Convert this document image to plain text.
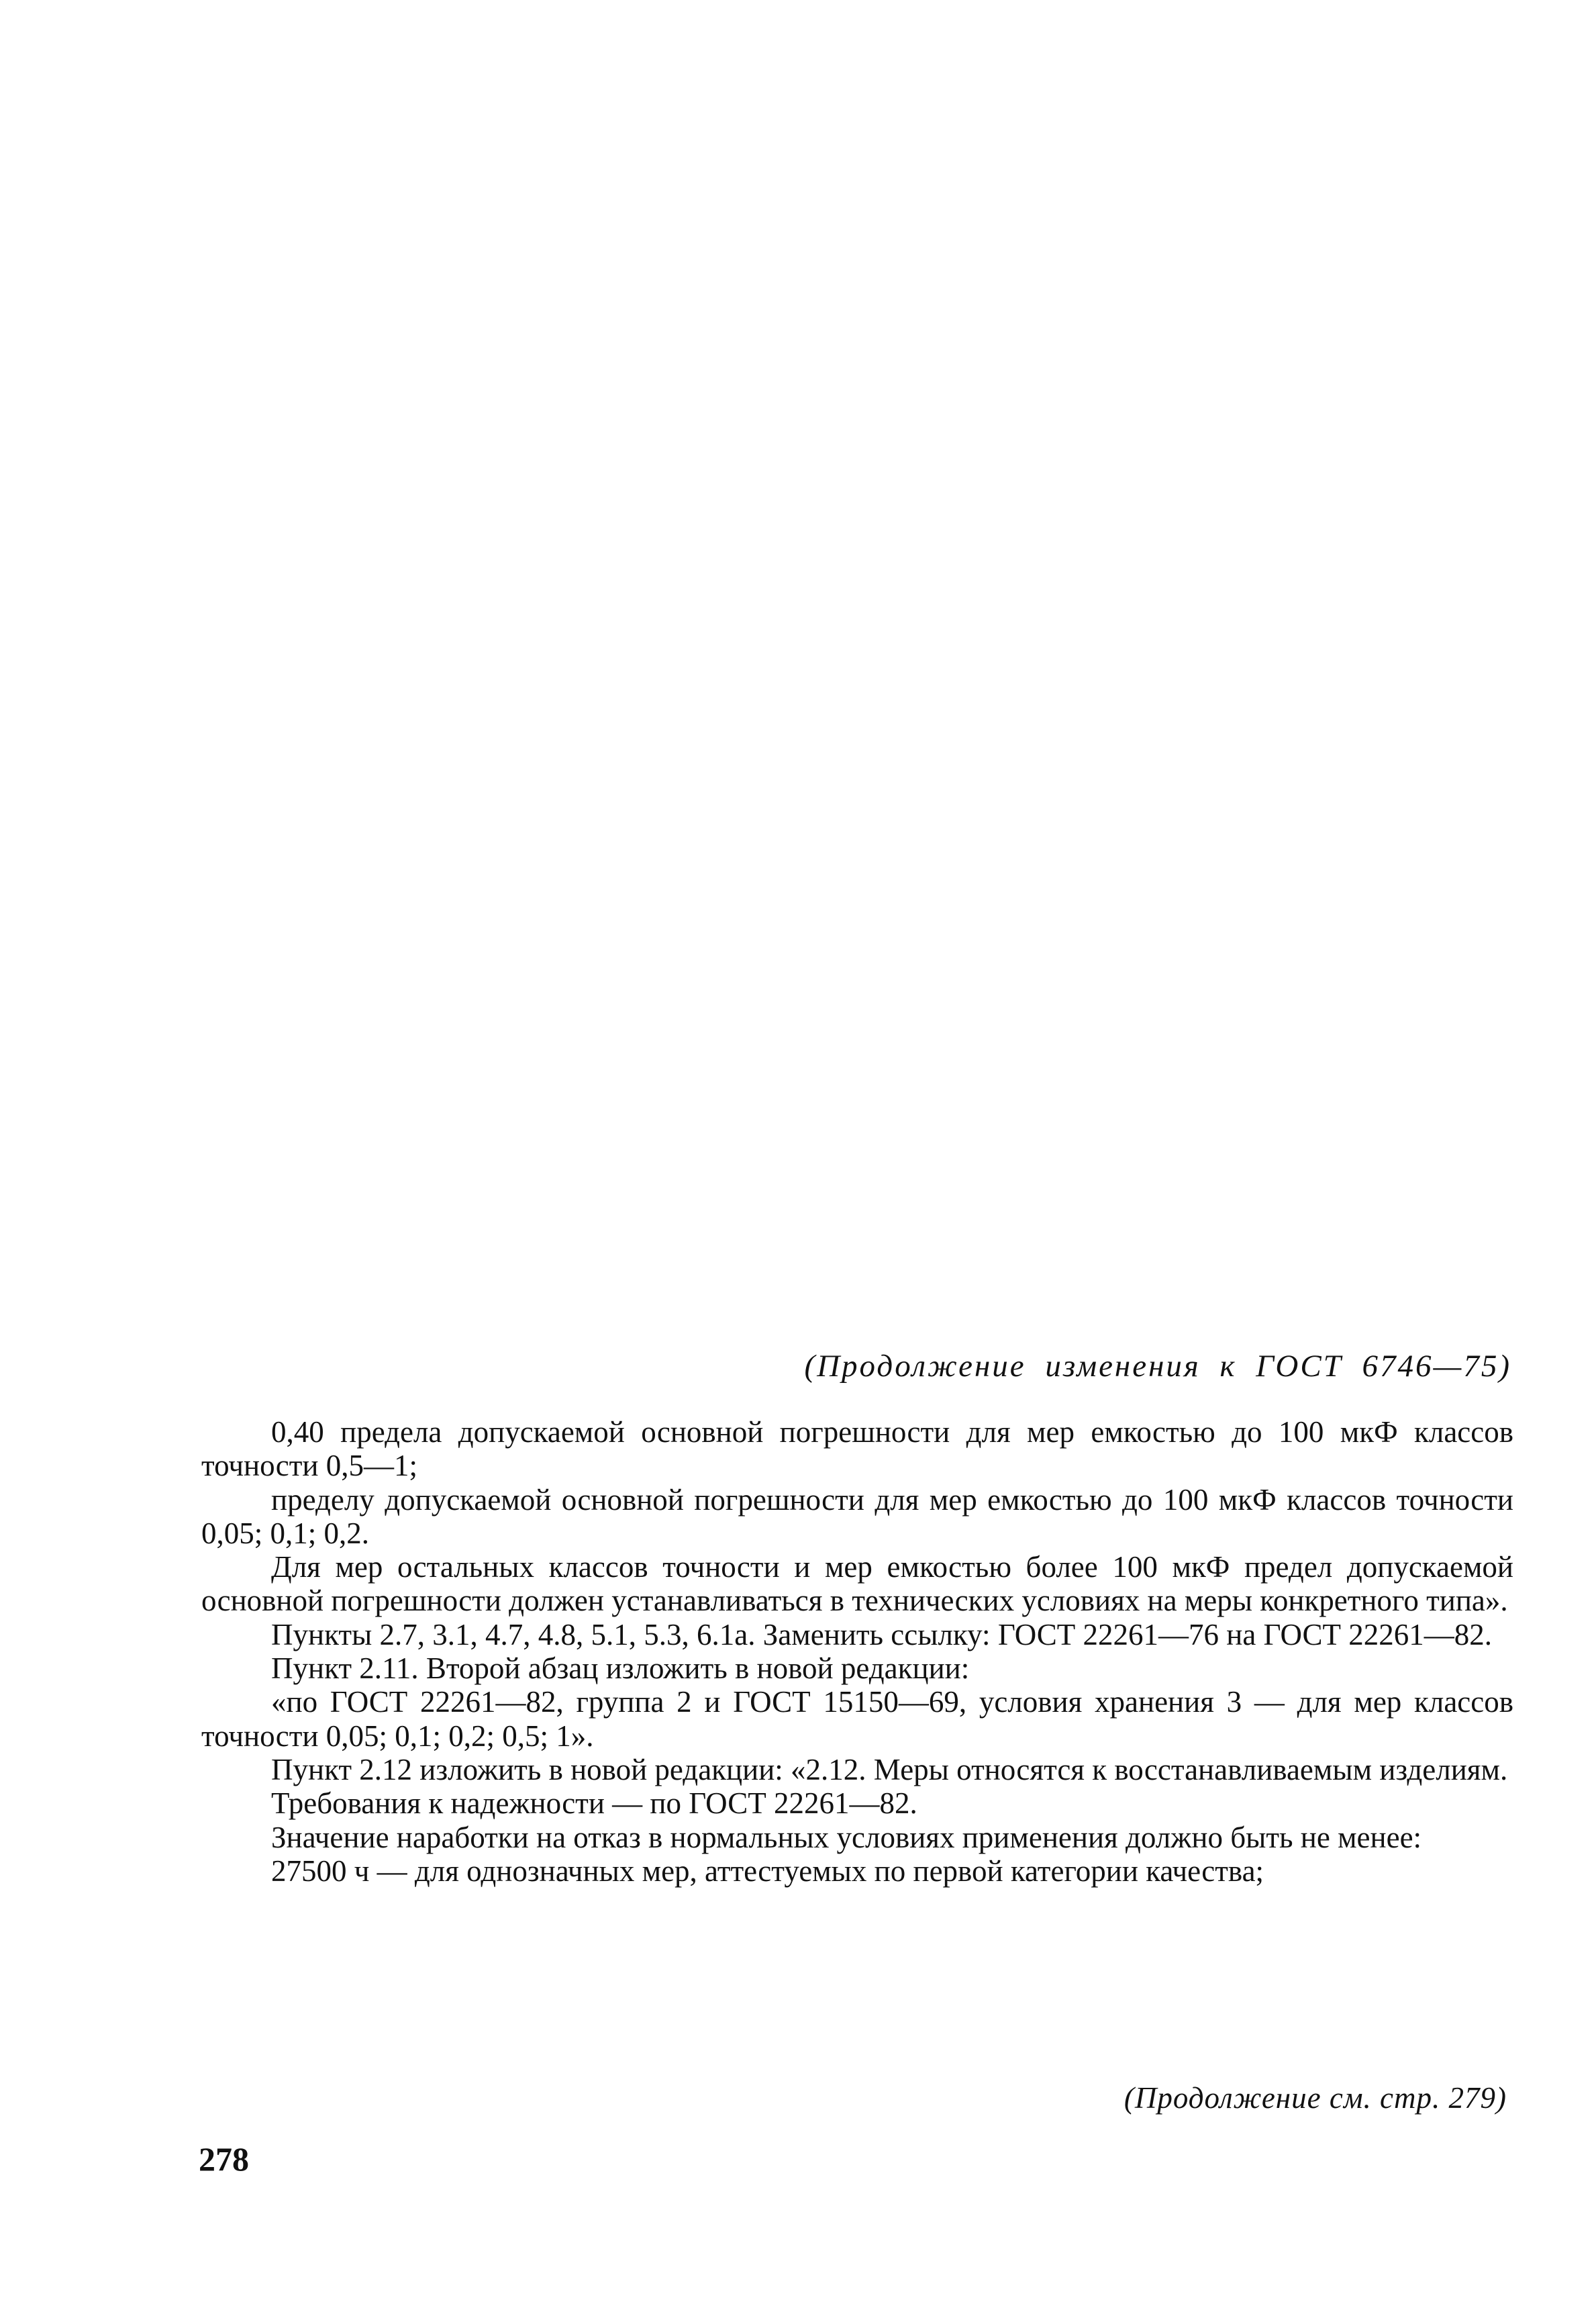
(Продолжение изменения к ГОСТ 6746—75)

0,40 предела допускаемой основной погрешности для мер емкостью до 100 мкФ классов точности 0,5—1;

пределу допускаемой основной погрешности для мер емкостью до 100 мкФ классов точности 0,05; 0,1; 0,2.

Для мер остальных классов точности и мер емкостью более 100 мкФ предел допускаемой основной погрешности должен устанавливаться в технических условиях на меры конкретного типа».

Пункты 2.7, 3.1, 4.7, 4.8, 5.1, 5.3, 6.1а. Заменить ссылку: ГОСТ 22261—76 на ГОСТ 22261—82.

Пункт 2.11. Второй абзац изложить в новой редакции:

«по ГОСТ 22261—82, группа 2 и ГОСТ 15150—69, условия хранения 3 — для мер классов точности 0,05; 0,1; 0,2; 0,5; 1».

Пункт 2.12 изложить в новой редакции: «2.12. Меры относятся к восстанавливаемым изделиям.

Требования к надежности — по ГОСТ 22261—82.

Значение наработки на отказ в нормальных условиях применения должно быть не менее:

27500 ч — для однозначных мер, аттестуемых по первой категории качества;

(Продолжение см. стр. 279)
278
